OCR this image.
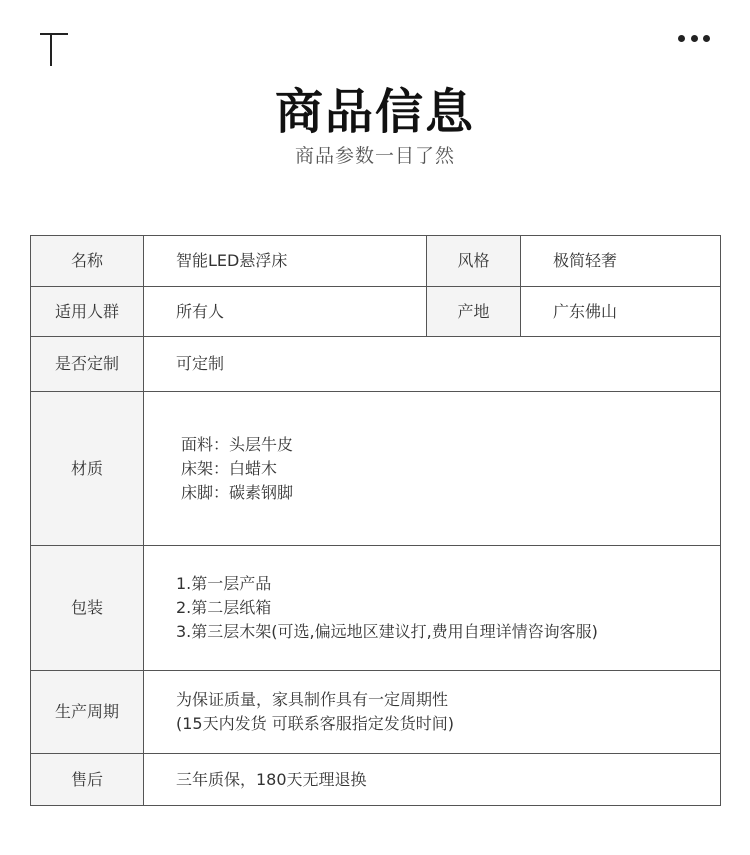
商品信息
商品参数一目了然
名称	智能LED悬浮床	风格	极简轻奢
适用人群	所有人	产地	广东佛山
是否定制	可定制		
材质	面料：头层牛皮
床架：白蜡木
床脚：碳素钢脚		

包装	1.第一层产品
2.第二层纸箱
3.第三层木架(可选,偏远地区建议打,费用自理详情咨询客服)		

生产周期	为保证质量，家具制作具有一定周期性
(15天内发货 可联系客服指定发货时间)		

售后	三年质保，180天无理退换		
